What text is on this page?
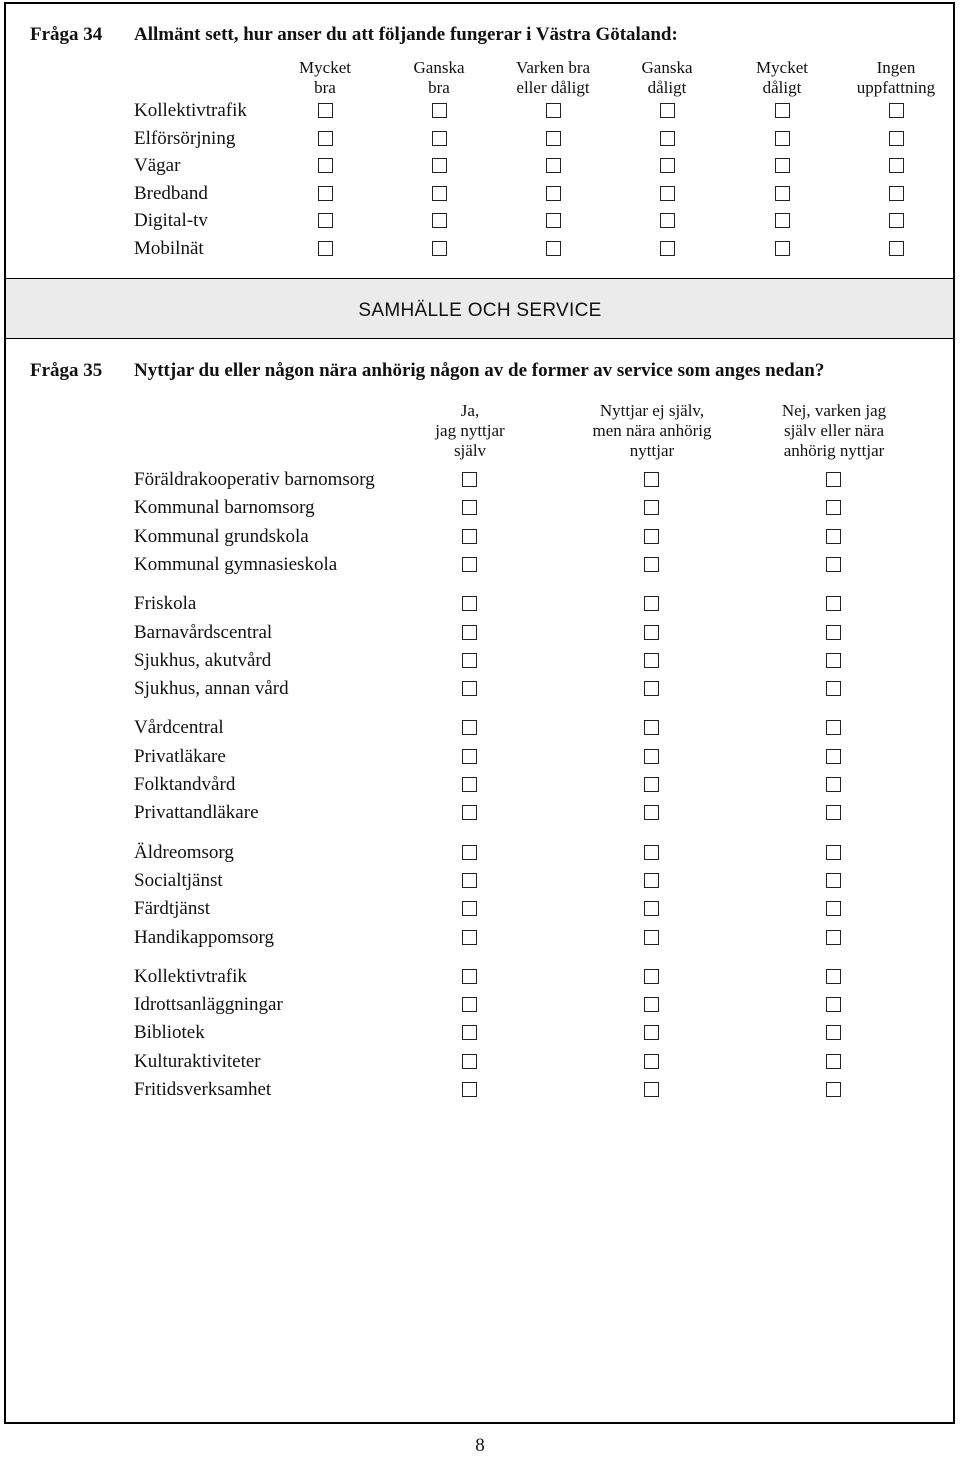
SAMHÄLLE OCH SERVICE
Fråga 34 Allmänt sett, hur anser du att följande fungerar i Västra Götaland:
Fråga 35 Nyttjar du eller någon nära anhörig någon av de former av service som anges nedan?
Mycket
bra
Ganska
bra
Varken bra
eller dåligt
Ganska
dåligt
Mycket
dåligt
Ingen
uppfattning
Kollektivtrafik
Elförsörjning
Vägar
Bredband
Digital-tv
Mobilnät
Ja,
jag nyttjar
själv
Nyttjar ej själv,
men nära anhörig
nyttjar
Nej, varken jag
själv eller nära
anhörig nyttjar
Föräldrakooperativ barnomsorg
Kommunal barnomsorg
Kommunal grundskola
Kommunal gymnasieskola
Friskola
Barnavårdscentral
Sjukhus, akutvård
Sjukhus, annan vård
Vårdcentral
Privatläkare
Folktandvård
Privattandläkare
Äldreomsorg
Socialtjänst
Färdtjänst
Handikappomsorg
Kollektivtrafik
Idrottsanläggningar
Bibliotek
Kulturaktiviteter
Fritidsverksamhet
8
